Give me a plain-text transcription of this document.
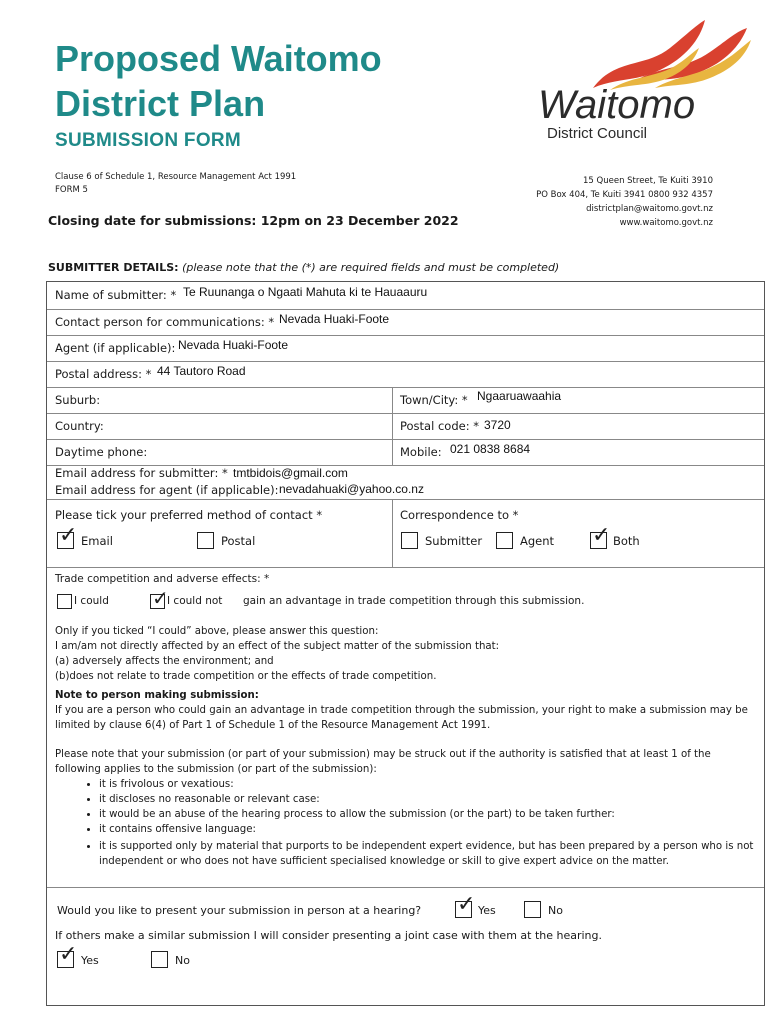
Proposed Waitomo
District Plan
SUBMISSION FORM
Clause 6 of Schedule 1, Resource Management Act 1991
FORM 5
Closing date for submissions: 12pm on 23 December 2022
Waitomo
District Council
15 Queen Street, Te Kuiti 3910
PO Box 404, Te Kuiti 3941 0800 932 4357
districtplan@waitomo.govt.nz
www.waitomo.govt.nz
SUBMITTER DETAILS: (please note that the (*) are required fields and must be completed)
Name of submitter: * Te Ruunanga o Ngaati Mahuta ki te Hauaauru
Contact person for communications: * Nevada Huaki-Foote
Agent (if applicable): Nevada Huaki-Foote
Postal address: * 44 Tautoro Road
Suburb:	Town/City: * Ngaaruawaahia
Country:	Postal code: * 3720
Daytime phone:	Mobile: 021 0838 8684
Email address for submitter: * tmtbidois@gmail.com
Email address for agent (if applicable): nevadahuaki@yahoo.co.nz
Please tick your preferred method of contact *
✓ Email	Postal
Correspondence to *
Submitter	Agent ✓ Both
Trade competition and adverse effects: *
I could ✓
I could not gain an advantage in trade competition through this submission.
Only if you ticked “I could” above, please answer this question:
I am/am not directly affected by an effect of the subject matter of the submission that:
(a) adversely affects the environment; and
(b)does not relate to trade competition or the effects of trade competition.
Note to person making submission:
If you are a person who could gain an advantage in trade competition through the submission, your right to make a submission may be limited by clause 6(4) of Part 1 of Schedule 1 of the Resource Management Act 1991.
Please note that your submission (or part of your submission) may be struck out if the authority is satisfied that at least 1 of the following applies to the submission (or part of the submission):
• it is frivolous or vexatious:
• it discloses no reasonable or relevant case:
• it would be an abuse of the hearing process to allow the submission (or the part) to be taken further:
• it contains offensive language:
• it is supported only by material that purports to be independent expert evidence, but has been prepared by a person who is not independent or who does not have sufficient specialised knowledge or skill to give expert advice on the matter.
Would you like to present your submission in person at a hearing? ✓ Yes	No
If others make a similar submission I will consider presenting a joint case with them at the hearing.
✓ Yes	No
